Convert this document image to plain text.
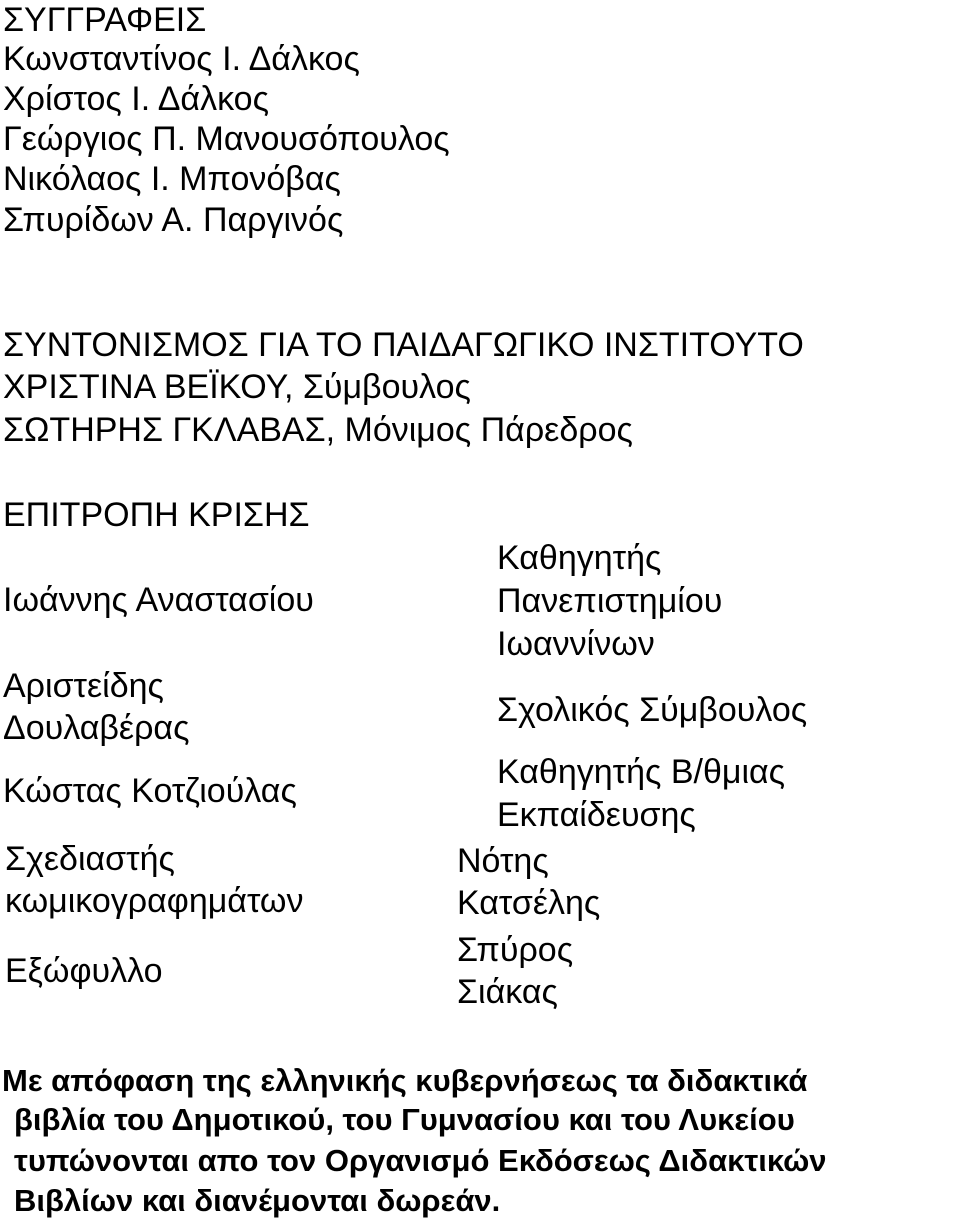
ΣΥΓΓΡΑΦΕΙΣ
Κωνσταντίνος Ι. Δάλκος
Χρίστος Ι. Δάλκος
Γεώργιος Π. Μανουσόπουλος
Νικόλαος Ι. Μπονόβας
Σπυρίδων Α. Παργινός
ΣΥΝΤΟΝΙΣΜΟΣ ΓΙΑ ΤΟ ΠΑΙΔΑΓΩΓΙΚΟ ΙΝΣΤΙΤΟΥΤΟ
ΧΡΙΣΤΙΝΑ ΒΕΪΚΟΥ, Σύμβουλος
ΣΩΤΗΡΗΣ ΓΚΛΑΒΑΣ, Μόνιμος Πάρεδρος
ΕΠΙΤΡΟΠΗ ΚΡΙΣΗΣ
Ιωάννης Αναστασίου
Καθηγητής
Πανεπιστημίου
Ιωαννίνων
Αριστείδης
Δουλαβέρας	Σχολικός Σύμβουλος
Κώστας Κοτζιούλας	Καθηγητής Β/θμιας
Εκπαίδευσης
Σχεδιαστής
κωμικογραφημάτων
Νότης
Κατσέλης
Εξώφυλλο
Σπύρος
Σιάκας
Με απόφαση της ελληνικής κυβερνήσεως τα διδακτικά
βιβλία του Δημοτικού, του Γυμνασίου και του Λυκείου
τυπώνονται απο τον Οργανισμό Εκδόσεως Διδακτικών
Βιβλίων και διανέμονται δωρεάν.
